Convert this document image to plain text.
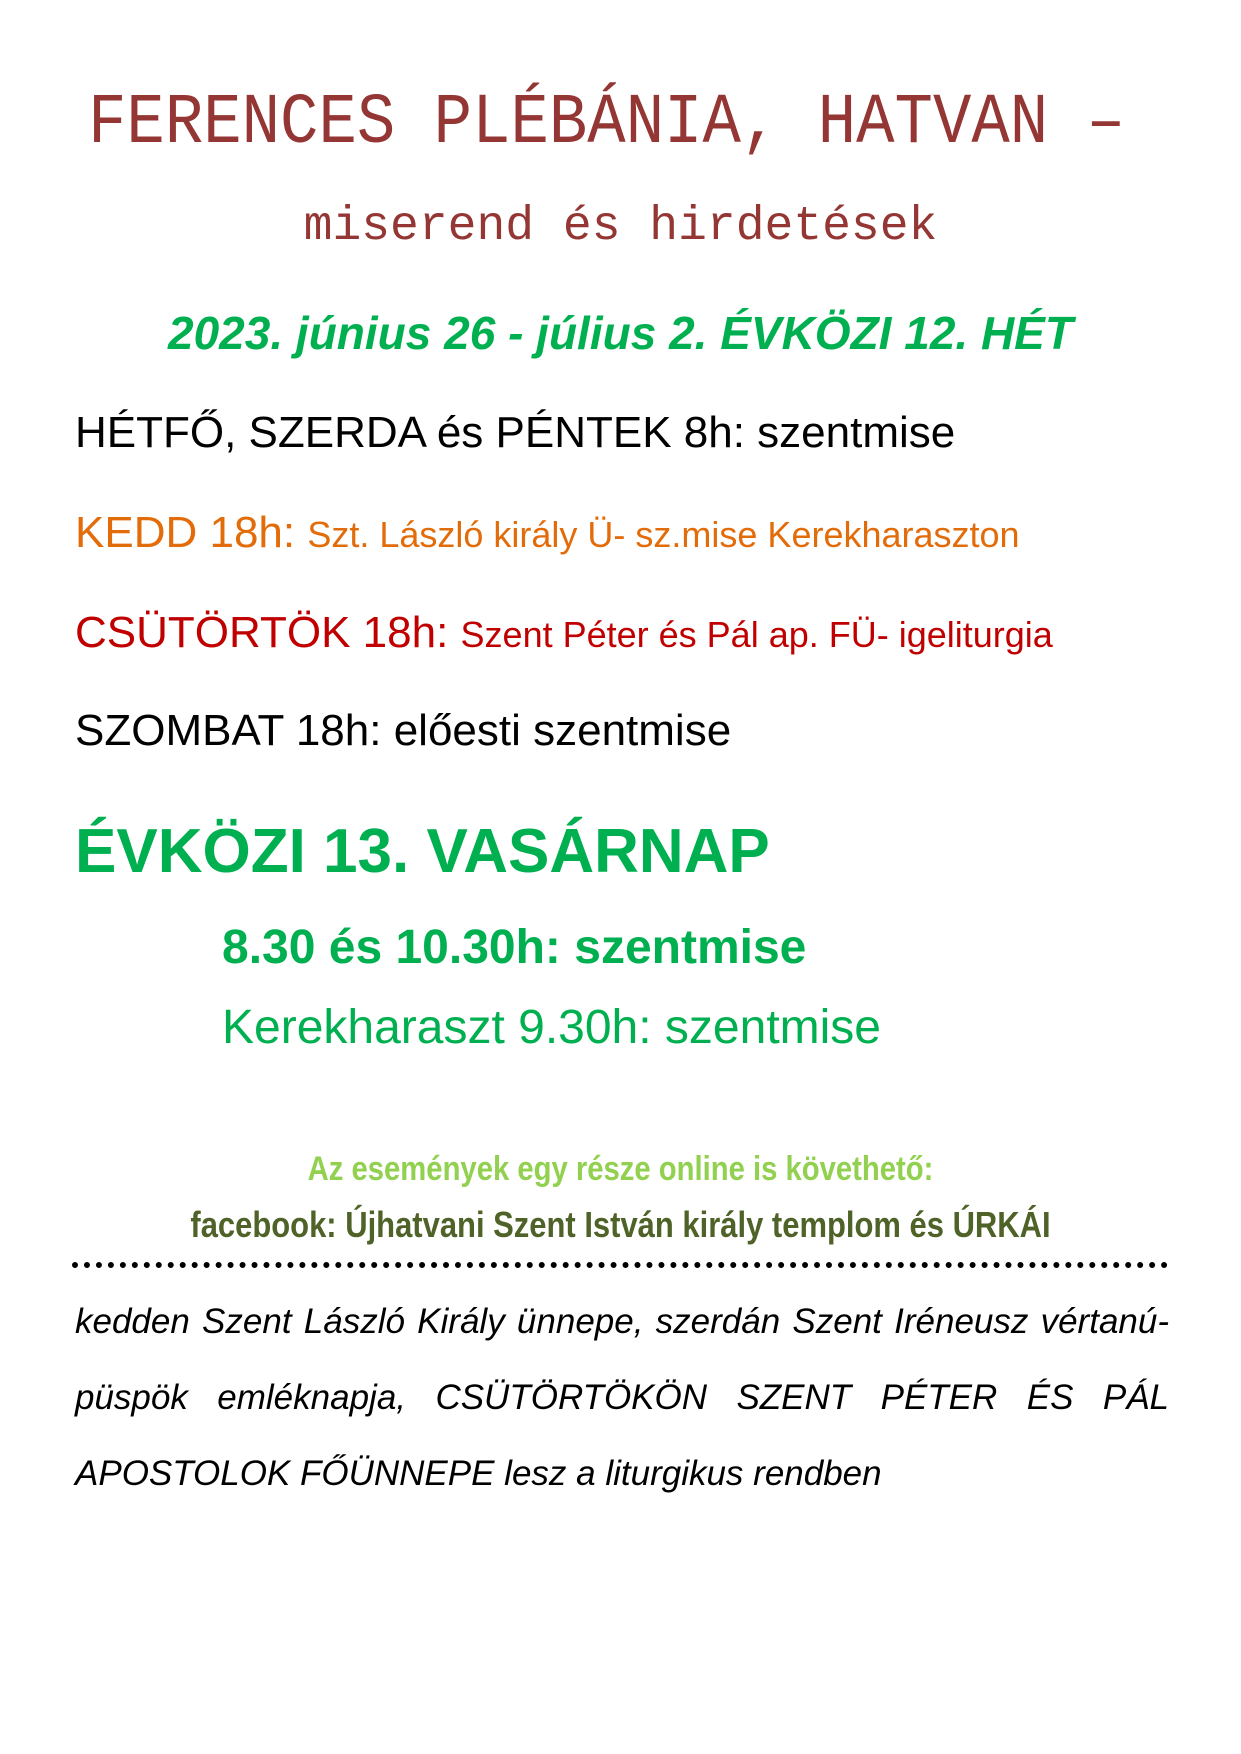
FERENCES PLÉBÁNIA, HATVAN –
miserend és hirdetések
2023. június 26 - július 2. ÉVKÖZI 12. HÉT
HÉTFŐ, SZERDA és PÉNTEK 8h: szentmise
KEDD 18h: Szt. László király Ü- sz.mise Kerekharaszton
CSÜTÖRTÖK 18h: Szent Péter és Pál ap. FÜ- igeliturgia
SZOMBAT 18h: előesti szentmise
ÉVKÖZI 13. VASÁRNAP
8.30 és 10.30h: szentmise
Kerekharaszt 9.30h: szentmise
Az események egy része online is követhető:
facebook: Újhatvani Szent István király templom és ÚRKÁI
kedden Szent László Király ünnepe, szerdán Szent Iréneusz vértanú-püspök emléknapja, CSÜTÖRTÖKÖN SZENT PÉTER ÉS PÁL APOSTOLOK FŐÜNNEPE lesz a liturgikus rendben
